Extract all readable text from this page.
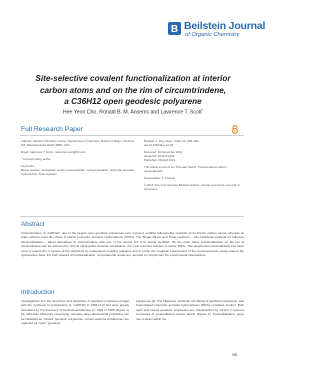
B Beilstein Journal
of Organic Chemistry
Site-selective covalent functionalization at interior
carbon atoms and on the rim of circumtrindene,
a C36H12 open geodesic polyarene
Hee Yeon Cho, Ronald B. M. Ansems and Lawrence T. Scott*
Full Research Paper
Address: Merkert Chemistry Center, Department of Chemistry, Boston College, Chestnut Hill, Massachusetts 02467-3860, USA
Email: Lawrence T. Scott - lawrence.scott@bc.edu
* Corresponding author
Keywords:
Bingel reaction; buckybowl; carbon nanomaterials; cyclopropanation; polycyclic aromatic hydrocarbon; Prato reaction
Beilstein J. Org. Chem. 2014, 10, 956–962.
doi:10.3762/bjoc.10.94
Received: 16 December 2013
Accepted: 03 April 2014
Published: 29 April 2014
This article is part of the Thematic Series "Functionalized carbon nanomaterials".
Guest Editor: A. Krueger
© 2014 Cho et al; licensee Beilstein-Institut. License and terms: see end of document.
Abstract
Circumtrindene (4, C36H12), one of the largest open geodesic polyarenes ever reported, exhibits fullerene-like reactivity at its interior carbon atoms, whereas its edge carbons react like those of planar polycyclic aromatic hydrocarbons (PAHs). The Bingel–Hirsch and Prato reactions – two traditional methods for fullerene functionalization – afford derivatives of circumtrindene with one of the interior 6:6 C=C bonds modified. On the other hand, functionalization on the rim of circumtrindene can be achieved by normal electrophilic aromatic substitution, the most common reaction of planar PAHs. This peripheral functionalization has been used to extend the π-system of the polyarene by subsequent coupling reactions and to probe the magnetic environment of the concave/convex space around the hydrocarbon bowl. For both classes of functionalization, computational results are reported to complement the experimental observations.
Introduction
Investigations into the structures and properties of geodesic polyarenes began with the synthesis of corannulene (1, C20H10) in 1966 [1,2] and were greatly stimulated by the discovery of buckminsterfullerene (2, C60) in 1985 (Figure 1) [3]. Whereas fullerenes comprising complete three-dimensional polyhedra can be classified as "closed" geodesic polyarenes, curved sections of fullerenes are regarded as "open" geodesic
polyarenes [4]. The fullerenes constitute one family of geodesic polyarenes, and bowl-shaped polycyclic aromatic hydrocarbons (PAHs) constitute another. Both open and closed geodesic polyarenes are characterized by curved π-systems composed of pyramidalized carbon atoms (Figure 2). Pyramidalization gives rise to strain within the
956
